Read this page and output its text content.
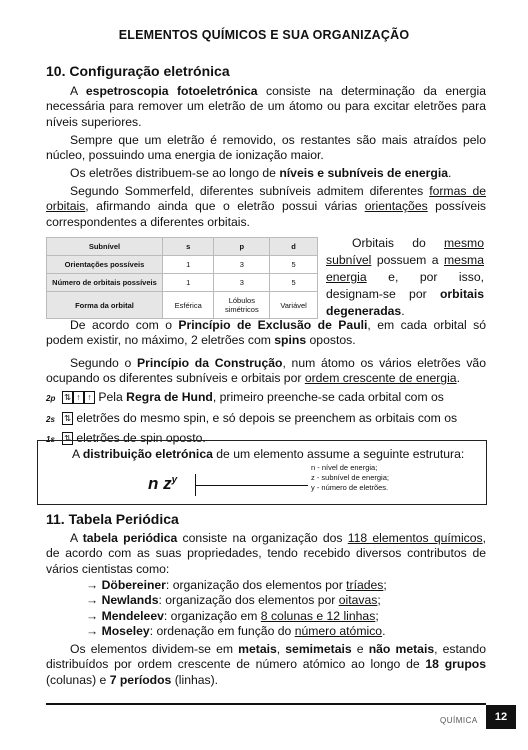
ELEMENTOS QUÍMICOS E SUA ORGANIZAÇÃO
10. Configuração eletrónica
A espetroscopia fotoeletrónica consiste na determinação da energia necessária para remover um eletrão de um átomo ou para excitar eletrões para níveis superiores.
Sempre que um eletrão é removido, os restantes são mais atraídos pelo núcleo, possuindo uma energia de ionização maior.
Os eletrões distribuem-se ao longo de níveis e subníveis de energia.
Segundo Sommerfeld, diferentes subníveis admitem diferentes formas de orbitais, afirmando ainda que o eletrão possui várias orientações possíveis correspondentes a diferentes orbitais.
Subnível	s	p	d
Orientações possíveis	1	3	5
Número de orbitais possíveis	1	3	5
Forma da orbital	Esférica	Lóbulos simétricos	Variável
Orbitais do mesmo subnível possuem a mesma energia e, por isso, designam-se por orbitais degeneradas.
De acordo com o Princípio de Exclusão de Pauli, em cada orbital só podem existir, no máximo, 2 eletrões com spins opostos.
Segundo o Princípio da Construção, num átomo os vários eletrões vão ocupando os diferentes subníveis e orbitais por ordem crescente de energia.
2p ⇅ ↑ ↑ Pela Regra de Hund, primeiro preenche-se cada orbital com os
2s ⇅ eletrões do mesmo spin, e só depois se preenchem as orbitais com os
1s ⇅ eletrões de spin oposto.
A distribuição eletrónica de um elemento assume a seguinte estrutura:
n $z^y$
n - nível de energia;
z - subnível de energia;
y - número de eletrões.
11. Tabela Periódica
A tabela periódica consiste na organização dos 118 elementos químicos, de acordo com as suas propriedades, tendo recebido diversos contributos de vários cientistas como:
→ Döbereiner: organização dos elementos por tríades;
→ Newlands: organização dos elementos por oitavas;
→ Mendeleev: organização em 8 colunas e 12 linhas;
→ Moseley: ordenação em função do número atómico.
Os elementos dividem-se em metais, semimetais e não metais, estando distribuídos por ordem crescente de número atómico ao longo de 18 grupos (colunas) e 7 períodos (linhas).
QUÍMICA	12
